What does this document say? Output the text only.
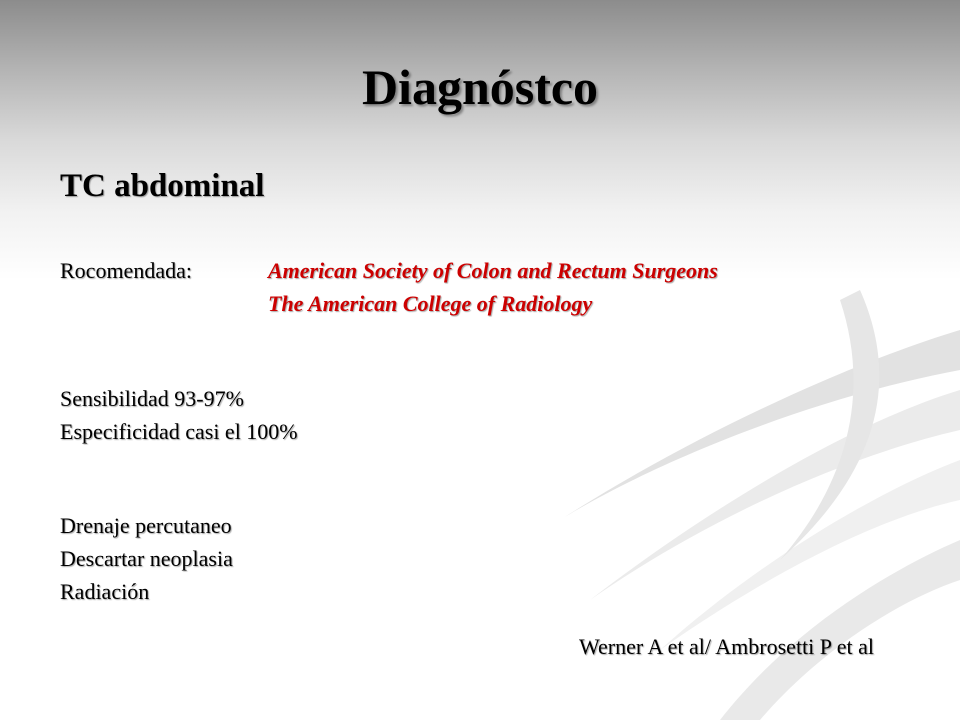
Diagnóstco
TC abdominal
Rocomendada:	American Society of Colon and Rectum Surgeons
The American College of Radiology
Sensibilidad 93-97%
Especificidad casi el 100%
Drenaje percutaneo
Descartar neoplasia
Radiación
Werner A et al/ Ambrosetti P et al
